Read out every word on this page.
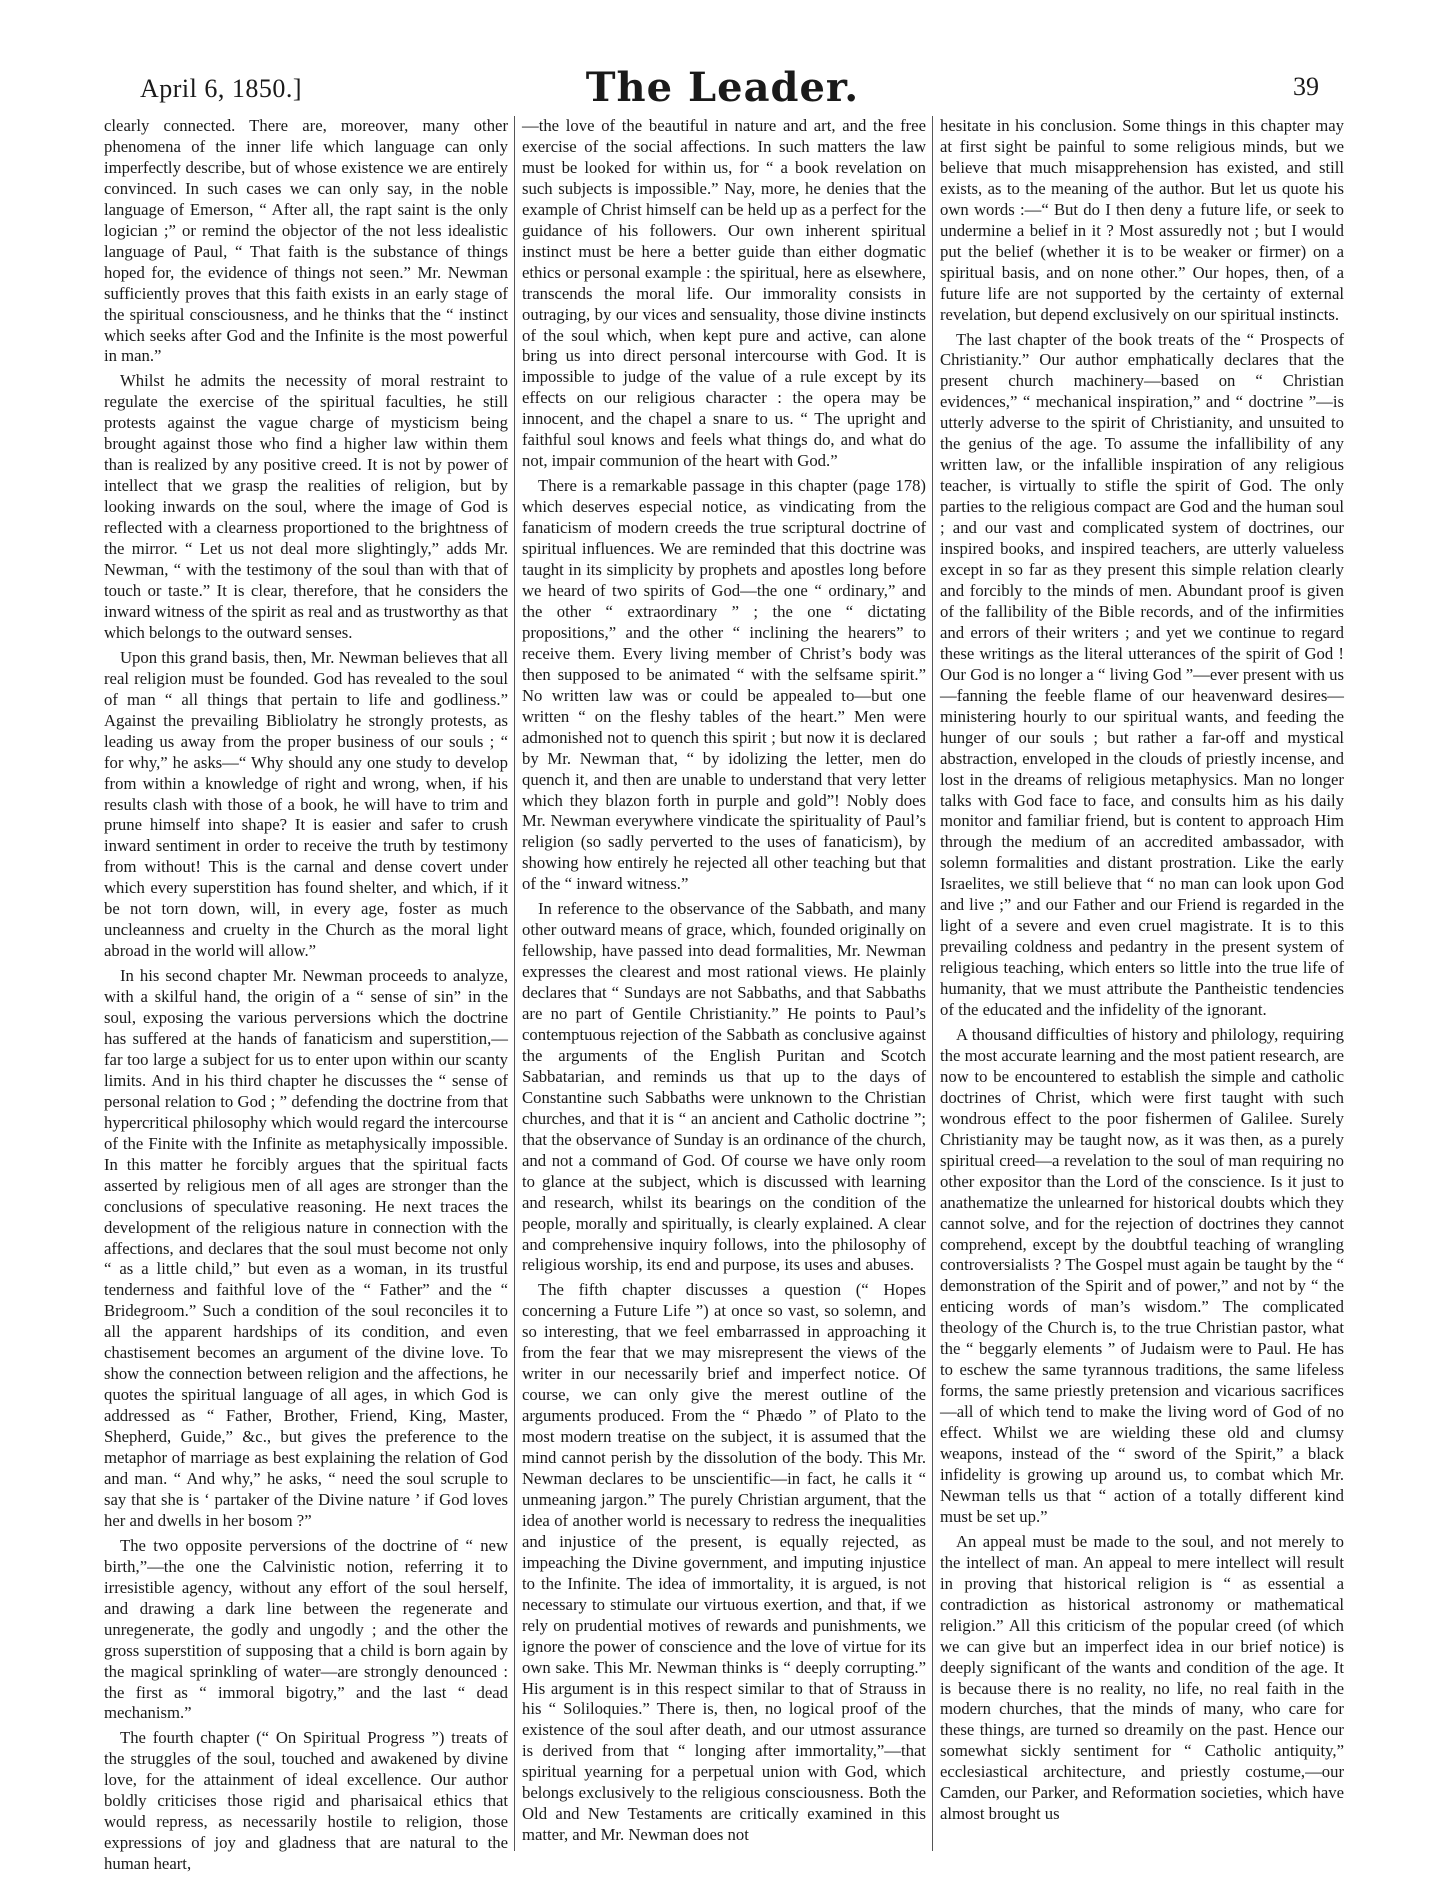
April 6, 1850.]	The Leader.	39

clearly connected. There are, moreover, many other phenomena of the inner life which language can only imperfectly describe, but of whose existence we are entirely convinced. In such cases we can only say, in the noble language of Emerson, “ After all, the rapt saint is the only logician ;” or remind the objector of the not less idealistic language of Paul, “ That faith is the substance of things hoped for, the evidence of things not seen.” Mr. Newman sufficiently proves that this faith exists in an early stage of the spiritual consciousness, and he thinks that the “ instinct which seeks after God and the Infinite is the most powerful in man.”

Whilst he admits the necessity of moral restraint to regulate the exercise of the spiritual faculties, he still protests against the vague charge of mysticism being brought against those who find a higher law within them than is realized by any positive creed. It is not by power of intellect that we grasp the realities of religion, but by looking inwards on the soul, where the image of God is reflected with a clearness proportioned to the brightness of the mirror. “ Let us not deal more slightingly,” adds Mr. Newman, “ with the testimony of the soul than with that of touch or taste.” It is clear, therefore, that he considers the inward witness of the spirit as real and as trustworthy as that which belongs to the outward senses.

Upon this grand basis, then, Mr. Newman believes that all real religion must be founded. God has revealed to the soul of man “ all things that pertain to life and godliness.” Against the prevailing Bibliolatry he strongly protests, as leading us away from the proper business of our souls ; “ for why,” he asks—“ Why should any one study to develop from within a knowledge of right and wrong, when, if his results clash with those of a book, he will have to trim and prune himself into shape? It is easier and safer to crush inward sentiment in order to receive the truth by testimony from without! This is the carnal and dense covert under which every superstition has found shelter, and which, if it be not torn down, will, in every age, foster as much uncleanness and cruelty in the Church as the moral light abroad in the world will allow.”

In his second chapter Mr. Newman proceeds to analyze, with a skilful hand, the origin of a “ sense of sin” in the soul, exposing the various perversions which the doctrine has suffered at the hands of fanaticism and superstition,—far too large a subject for us to enter upon within our scanty limits. And in his third chapter he discusses the “ sense of personal relation to God ; ” defending the doctrine from that hypercritical philosophy which would regard the intercourse of the Finite with the Infinite as metaphysically impossible. In this matter he forcibly argues that the spiritual facts asserted by religious men of all ages are stronger than the conclusions of speculative reasoning. He next traces the development of the religious nature in connection with the affections, and declares that the soul must become not only “ as a little child,” but even as a woman, in its trustful tenderness and faithful love of the “ Father” and the “ Bridegroom.” Such a condition of the soul reconciles it to all the apparent hardships of its condition, and even chastisement becomes an argument of the divine love. To show the connection between religion and the affections, he quotes the spiritual language of all ages, in which God is addressed as “ Father, Brother, Friend, King, Master, Shepherd, Guide,” &c., but gives the preference to the metaphor of marriage as best explaining the relation of God and man. “ And why,” he asks, “ need the soul scruple to say that she is ‘ partaker of the Divine nature ’ if God loves her and dwells in her bosom ?”

The two opposite perversions of the doctrine of “ new birth,”—the one the Calvinistic notion, referring it to irresistible agency, without any effort of the soul herself, and drawing a dark line between the regenerate and unregenerate, the godly and ungodly ; and the other the gross superstition of supposing that a child is born again by the magical sprinkling of water—are strongly denounced : the first as “ immoral bigotry,” and the last “ dead mechanism.”

The fourth chapter (“ On Spiritual Progress ”) treats of the struggles of the soul, touched and awakened by divine love, for the attainment of ideal excellence. Our author boldly criticises those rigid and pharisaical ethics that would repress, as necessarily hostile to religion, those expressions of joy and gladness that are natural to the human heart,

—the love of the beautiful in nature and art, and the free exercise of the social affections. In such matters the law must be looked for within us, for “ a book revelation on such subjects is impossible.” Nay, more, he denies that the example of Christ himself can be held up as a perfect for the guidance of his followers. Our own inherent spiritual instinct must be here a better guide than either dogmatic ethics or personal example : the spiritual, here as elsewhere, transcends the moral life. Our immorality consists in outraging, by our vices and sensuality, those divine instincts of the soul which, when kept pure and active, can alone bring us into direct personal intercourse with God. It is impossible to judge of the value of a rule except by its effects on our religious character : the opera may be innocent, and the chapel a snare to us. “ The upright and faithful soul knows and feels what things do, and what do not, impair communion of the heart with God.”

There is a remarkable passage in this chapter (page 178) which deserves especial notice, as vindicating from the fanaticism of modern creeds the true scriptural doctrine of spiritual influences. We are reminded that this doctrine was taught in its simplicity by prophets and apostles long before we heard of two spirits of God—the one “ ordinary,” and the other “ extraordinary ” ; the one “ dictating propositions,” and the other “ inclining the hearers” to receive them. Every living member of Christ’s body was then supposed to be animated “ with the selfsame spirit.” No written law was or could be appealed to—but one written “ on the fleshy tables of the heart.” Men were admonished not to quench this spirit ; but now it is declared by Mr. Newman that, “ by idolizing the letter, men do quench it, and then are unable to understand that very letter which they blazon forth in purple and gold”! Nobly does Mr. Newman everywhere vindicate the spirituality of Paul’s religion (so sadly perverted to the uses of fanaticism), by showing how entirely he rejected all other teaching but that of the “ inward witness.”

In reference to the observance of the Sabbath, and many other outward means of grace, which, founded originally on fellowship, have passed into dead formalities, Mr. Newman expresses the clearest and most rational views. He plainly declares that “ Sundays are not Sabbaths, and that Sabbaths are no part of Gentile Christianity.” He points to Paul’s contemptuous rejection of the Sabbath as conclusive against the arguments of the English Puritan and Scotch Sabbatarian, and reminds us that up to the days of Constantine such Sabbaths were unknown to the Christian churches, and that it is “ an ancient and Catholic doctrine ”; that the observance of Sunday is an ordinance of the church, and not a command of God. Of course we have only room to glance at the subject, which is discussed with learning and research, whilst its bearings on the condition of the people, morally and spiritually, is clearly explained. A clear and comprehensive inquiry follows, into the philosophy of religious worship, its end and purpose, its uses and abuses.

The fifth chapter discusses a question (“ Hopes concerning a Future Life ”) at once so vast, so solemn, and so interesting, that we feel embarrassed in approaching it from the fear that we may misrepresent the views of the writer in our necessarily brief and imperfect notice. Of course, we can only give the merest outline of the arguments produced. From the “ Phædo ” of Plato to the most modern treatise on the subject, it is assumed that the mind cannot perish by the dissolution of the body. This Mr. Newman declares to be unscientific—in fact, he calls it “ unmeaning jargon.” The purely Christian argument, that the idea of another world is necessary to redress the inequalities and injustice of the present, is equally rejected, as impeaching the Divine government, and imputing injustice to the Infinite. The idea of immortality, it is argued, is not necessary to stimulate our virtuous exertion, and that, if we rely on prudential motives of rewards and punishments, we ignore the power of conscience and the love of virtue for its own sake. This Mr. Newman thinks is “ deeply corrupting.” His argument is in this respect similar to that of Strauss in his “ Soliloquies.” There is, then, no logical proof of the existence of the soul after death, and our utmost assurance is derived from that “ longing after immortality,”—that spiritual yearning for a perpetual union with God, which belongs exclusively to the religious consciousness. Both the Old and New Testaments are critically examined in this matter, and Mr. Newman does not

hesitate in his conclusion. Some things in this chapter may at first sight be painful to some religious minds, but we believe that much misapprehension has existed, and still exists, as to the meaning of the author. But let us quote his own words :—“ But do I then deny a future life, or seek to undermine a belief in it ? Most assuredly not ; but I would put the belief (whether it is to be weaker or firmer) on a spiritual basis, and on none other.” Our hopes, then, of a future life are not supported by the certainty of external revelation, but depend exclusively on our spiritual instincts.

The last chapter of the book treats of the “ Prospects of Christianity.” Our author emphatically declares that the present church machinery—based on “ Christian evidences,” “ mechanical inspiration,” and “ doctrine ”—is utterly adverse to the spirit of Christianity, and unsuited to the genius of the age. To assume the infallibility of any written law, or the infallible inspiration of any religious teacher, is virtually to stifle the spirit of God. The only parties to the religious compact are God and the human soul ; and our vast and complicated system of doctrines, our inspired books, and inspired teachers, are utterly valueless except in so far as they present this simple relation clearly and forcibly to the minds of men. Abundant proof is given of the fallibility of the Bible records, and of the infirmities and errors of their writers ; and yet we continue to regard these writings as the literal utterances of the spirit of God ! Our God is no longer a “ living God ”—ever present with us—fanning the feeble flame of our heavenward desires—ministering hourly to our spiritual wants, and feeding the hunger of our souls ; but rather a far-off and mystical abstraction, enveloped in the clouds of priestly incense, and lost in the dreams of religious metaphysics. Man no longer talks with God face to face, and consults him as his daily monitor and familiar friend, but is content to approach Him through the medium of an accredited ambassador, with solemn formalities and distant prostration. Like the early Israelites, we still believe that “ no man can look upon God and live ;” and our Father and our Friend is regarded in the light of a severe and even cruel magistrate. It is to this prevailing coldness and pedantry in the present system of religious teaching, which enters so little into the true life of humanity, that we must attribute the Pantheistic tendencies of the educated and the infidelity of the ignorant.

A thousand difficulties of history and philology, requiring the most accurate learning and the most patient research, are now to be encountered to establish the simple and catholic doctrines of Christ, which were first taught with such wondrous effect to the poor fishermen of Galilee. Surely Christianity may be taught now, as it was then, as a purely spiritual creed—a revelation to the soul of man requiring no other expositor than the Lord of the conscience. Is it just to anathematize the unlearned for historical doubts which they cannot solve, and for the rejection of doctrines they cannot comprehend, except by the doubtful teaching of wrangling controversialists ? The Gospel must again be taught by the “ demonstration of the Spirit and of power,” and not by “ the enticing words of man’s wisdom.” The complicated theology of the Church is, to the true Christian pastor, what the “ beggarly elements ” of Judaism were to Paul. He has to eschew the same tyrannous traditions, the same lifeless forms, the same priestly pretension and vicarious sacrifices—all of which tend to make the living word of God of no effect. Whilst we are wielding these old and clumsy weapons, instead of the “ sword of the Spirit,” a black infidelity is growing up around us, to combat which Mr. Newman tells us that “ action of a totally different kind must be set up.”

An appeal must be made to the soul, and not merely to the intellect of man. An appeal to mere intellect will result in proving that historical religion is “ as essential a contradiction as historical astronomy or mathematical religion.” All this criticism of the popular creed (of which we can give but an imperfect idea in our brief notice) is deeply significant of the wants and condition of the age. It is because there is no reality, no life, no real faith in the modern churches, that the minds of many, who care for these things, are turned so dreamily on the past. Hence our somewhat sickly sentiment for “ Catholic antiquity,” ecclesiastical architecture, and priestly costume,—our Camden, our Parker, and Reformation societies, which have almost brought us
